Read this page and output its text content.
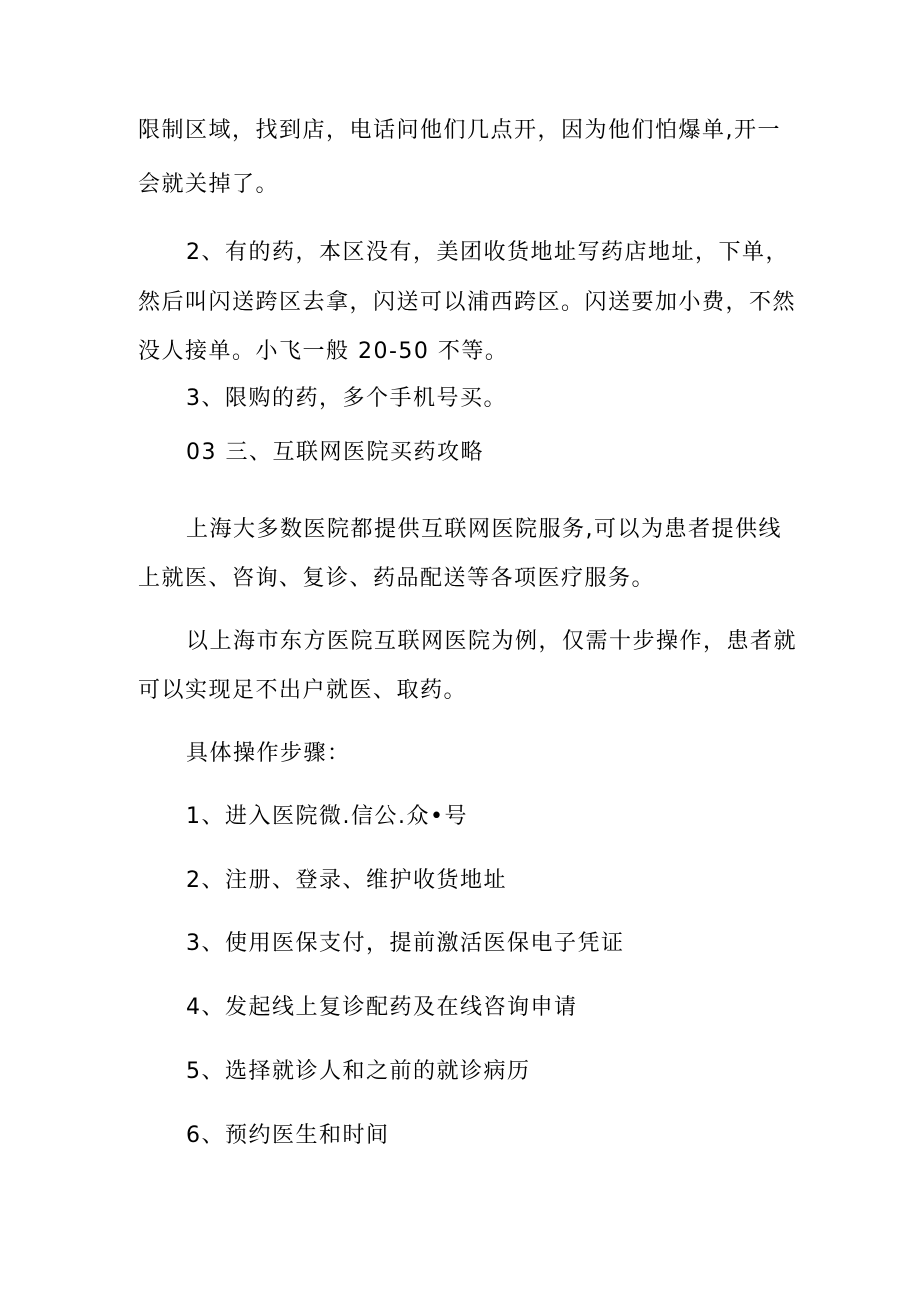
限制区域，找到店，电话问他们几点开，因为他们怕爆单,开一
会就关掉了。
2、有的药，本区没有，美团收货地址写药店地址，下单，
然后叫闪送跨区去拿，闪送可以浦西跨区。闪送要加小费，不然
没人接单。小飞一般 20-50 不等。
3、限购的药，多个手机号买。
03 三、互联网医院买药攻略
上海大多数医院都提供互联网医院服务,可以为患者提供线
上就医、咨询、复诊、药品配送等各项医疗服务。
以上海市东方医院互联网医院为例，仅需十步操作，患者就
可以实现足不出户就医、取药。
具体操作步骤：
1、进入医院微.信公.众•号
2、注册、登录、维护收货地址
3、使用医保支付，提前激活医保电子凭证
4、发起线上复诊配药及在线咨询申请
5、选择就诊人和之前的就诊病历
6、预约医生和时间
